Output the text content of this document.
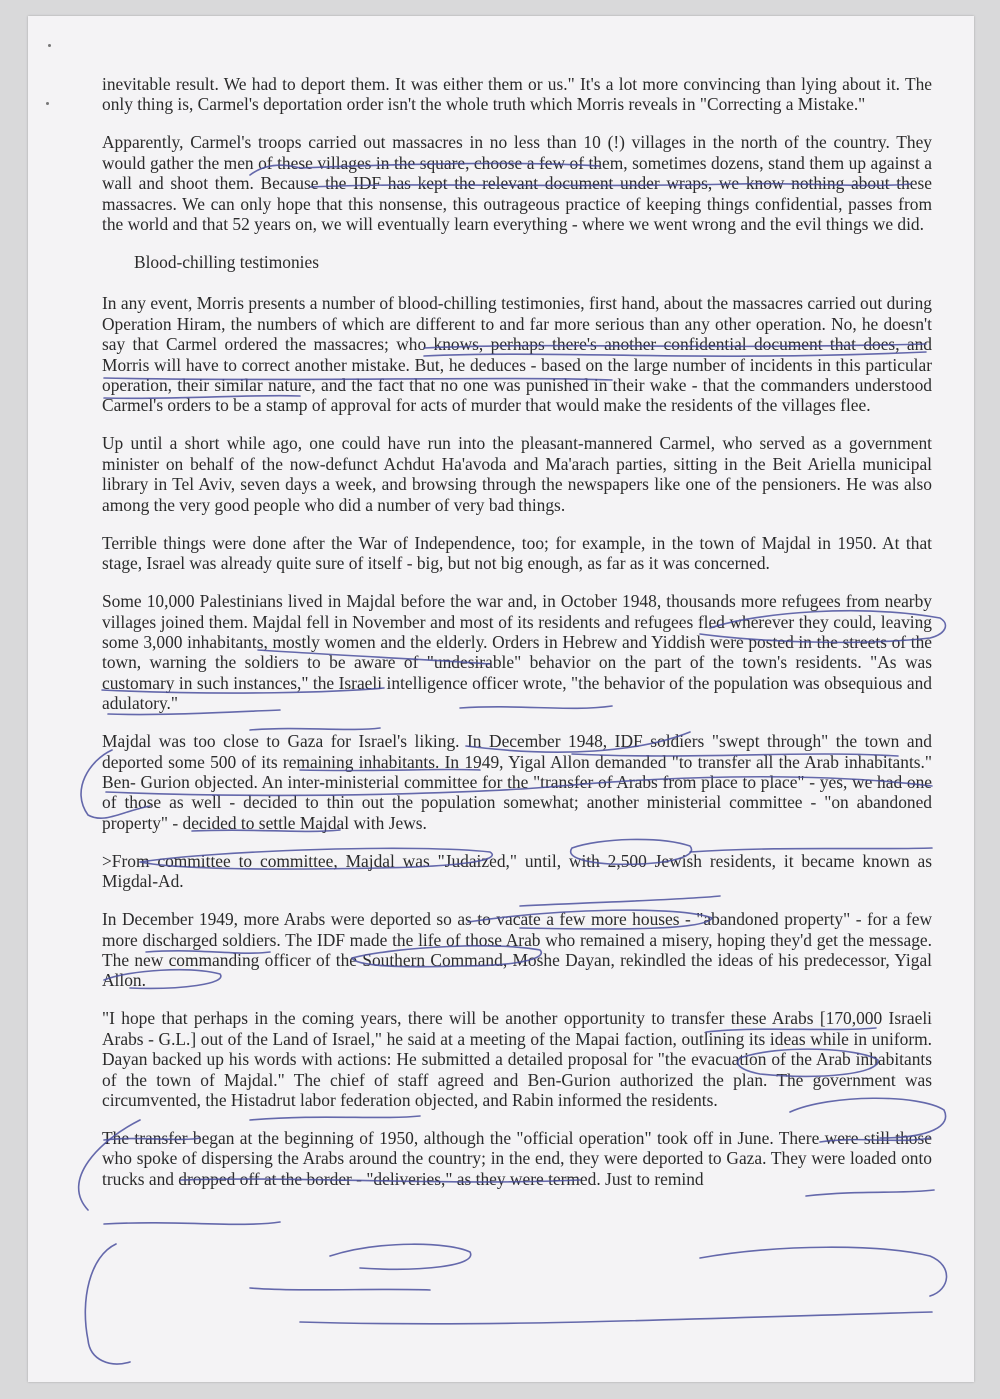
inevitable result. We had to deport them. It was either them or us." It's a lot more convincing than lying about it. The only thing is, Carmel's deportation order isn't the whole truth which Morris reveals in "Correcting a Mistake."

Apparently, Carmel's troops carried out massacres in no less than 10 (!) villages in the north of the country. They would gather the men of these villages in the square, choose a few of them, sometimes dozens, stand them up against a wall and shoot them. Because the IDF has kept the relevant document under wraps, we know nothing about these massacres. We can only hope that this nonsense, this outrageous practice of keeping things confidential, passes from the world and that 52 years on, we will eventually learn everything - where we went wrong and the evil things we did.

Blood-chilling testimonies

In any event, Morris presents a number of blood-chilling testimonies, first hand, about the massacres carried out during Operation Hiram, the numbers of which are different to and far more serious than any other operation. No, he doesn't say that Carmel ordered the massacres; who knows, perhaps there's another confidential document that does, and Morris will have to correct another mistake. But, he deduces - based on the large number of incidents in this particular operation, their similar nature, and the fact that no one was punished in their wake - that the commanders understood Carmel's orders to be a stamp of approval for acts of murder that would make the residents of the villages flee.

Up until a short while ago, one could have run into the pleasant-mannered Carmel, who served as a government minister on behalf of the now-defunct Achdut Ha'avoda and Ma'arach parties, sitting in the Beit Ariella municipal library in Tel Aviv, seven days a week, and browsing through the newspapers like one of the pensioners. He was also among the very good people who did a number of very bad things.

Terrible things were done after the War of Independence, too; for example, in the town of Majdal in 1950. At that stage, Israel was already quite sure of itself - big, but not big enough, as far as it was concerned.

Some 10,000 Palestinians lived in Majdal before the war and, in October 1948, thousands more refugees from nearby villages joined them. Majdal fell in November and most of its residents and refugees fled wherever they could, leaving some 3,000 inhabitants, mostly women and the elderly. Orders in Hebrew and Yiddish were posted in the streets of the town, warning the soldiers to be aware of "undesirable" behavior on the part of the town's residents. "As was customary in such instances," the Israeli intelligence officer wrote, "the behavior of the population was obsequious and adulatory."

Majdal was too close to Gaza for Israel's liking. In December 1948, IDF soldiers "swept through" the town and deported some 500 of its remaining inhabitants. In 1949, Yigal Allon demanded "to transfer all the Arab inhabitants." Ben- Gurion objected. An inter-ministerial committee for the "transfer of Arabs from place to place" - yes, we had one of those as well - decided to thin out the population somewhat; another ministerial committee - "on abandoned property" - decided to settle Majdal with Jews.

>From committee to committee, Majdal was "Judaized," until, with 2,500 Jewish residents, it became known as Migdal-Ad.

In December 1949, more Arabs were deported so as to vacate a few more houses - "abandoned property" - for a few more discharged soldiers. The IDF made the life of those Arab who remained a misery, hoping they'd get the message. The new commanding officer of the Southern Command, Moshe Dayan, rekindled the ideas of his predecessor, Yigal Allon.

"I hope that perhaps in the coming years, there will be another opportunity to transfer these Arabs [170,000 Israeli Arabs - G.L.] out of the Land of Israel," he said at a meeting of the Mapai faction, outlining its ideas while in uniform. Dayan backed up his words with actions: He submitted a detailed proposal for "the evacuation of the Arab inhabitants of the town of Majdal." The chief of staff agreed and Ben-Gurion authorized the plan. The government was circumvented, the Histadrut labor federation objected, and Rabin informed the residents.

The transfer began at the beginning of 1950, although the "official operation" took off in June. There were still those who spoke of dispersing the Arabs around the country; in the end, they were deported to Gaza. They were loaded onto trucks and dropped off at the border - "deliveries," as they were termed. Just to remind
